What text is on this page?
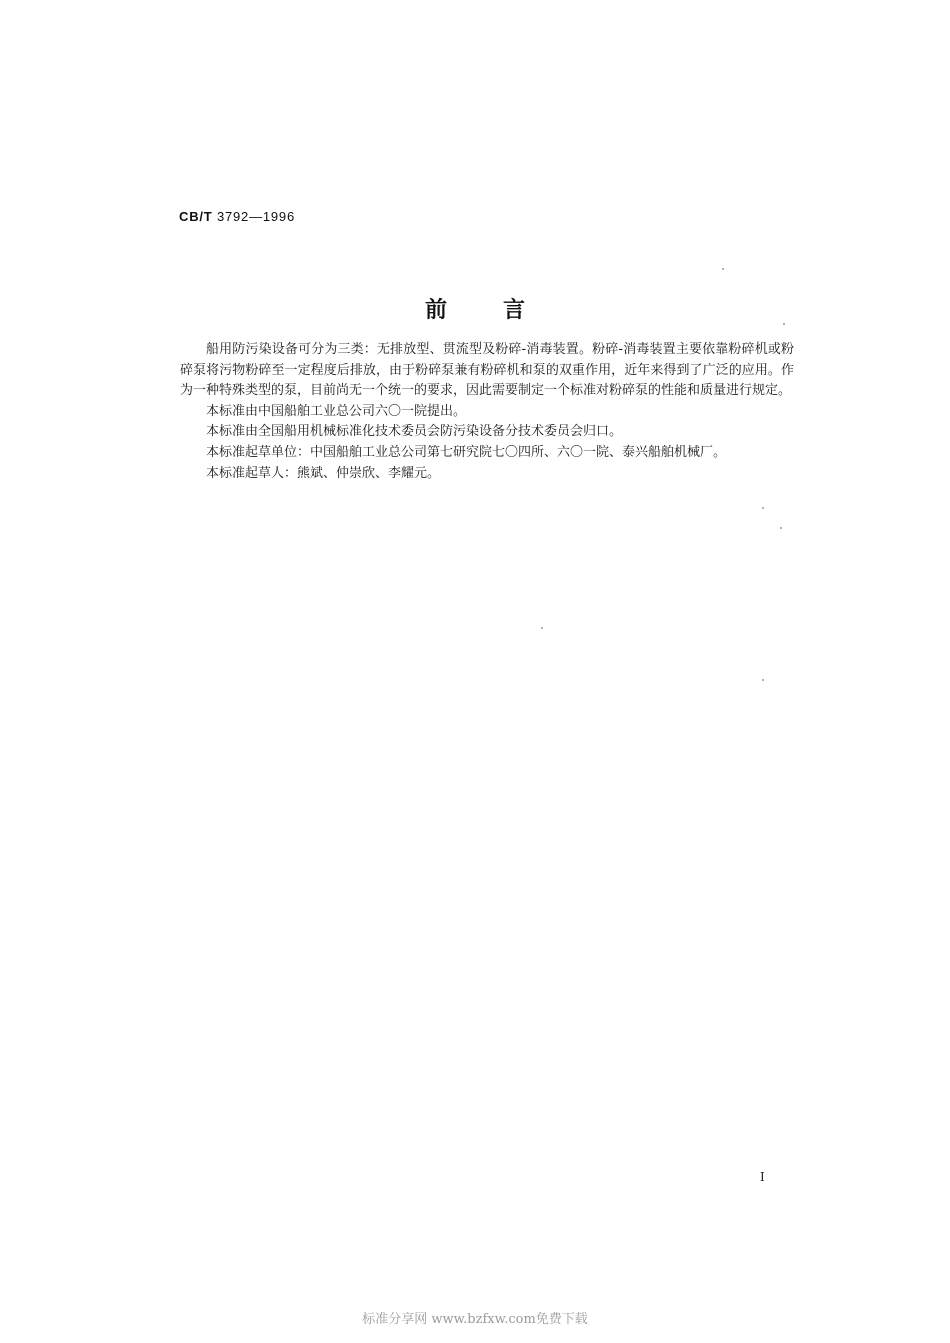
CB/T 3792—1996
前	言

船用防污染设备可分为三类：无排放型、贯流型及粉碎-消毒装置。粉碎-消毒装置主要依靠粉碎机或粉碎泵将污物粉碎至一定程度后排放，由于粉碎泵兼有粉碎机和泵的双重作用，近年来得到了广泛的应用。作为一种特殊类型的泵，目前尚无一个统一的要求，因此需要制定一个标准对粉碎泵的性能和质量进行规定。

本标准由中国船舶工业总公司六〇一院提出。

本标准由全国船用机械标准化技术委员会防污染设备分技术委员会归口。

本标准起草单位：中国船舶工业总公司第七研究院七〇四所、六〇一院、泰兴船舶机械厂。

本标准起草人：熊斌、仲崇欣、李耀元。

I
标准分享网 www.bzfxw.com免费下载
